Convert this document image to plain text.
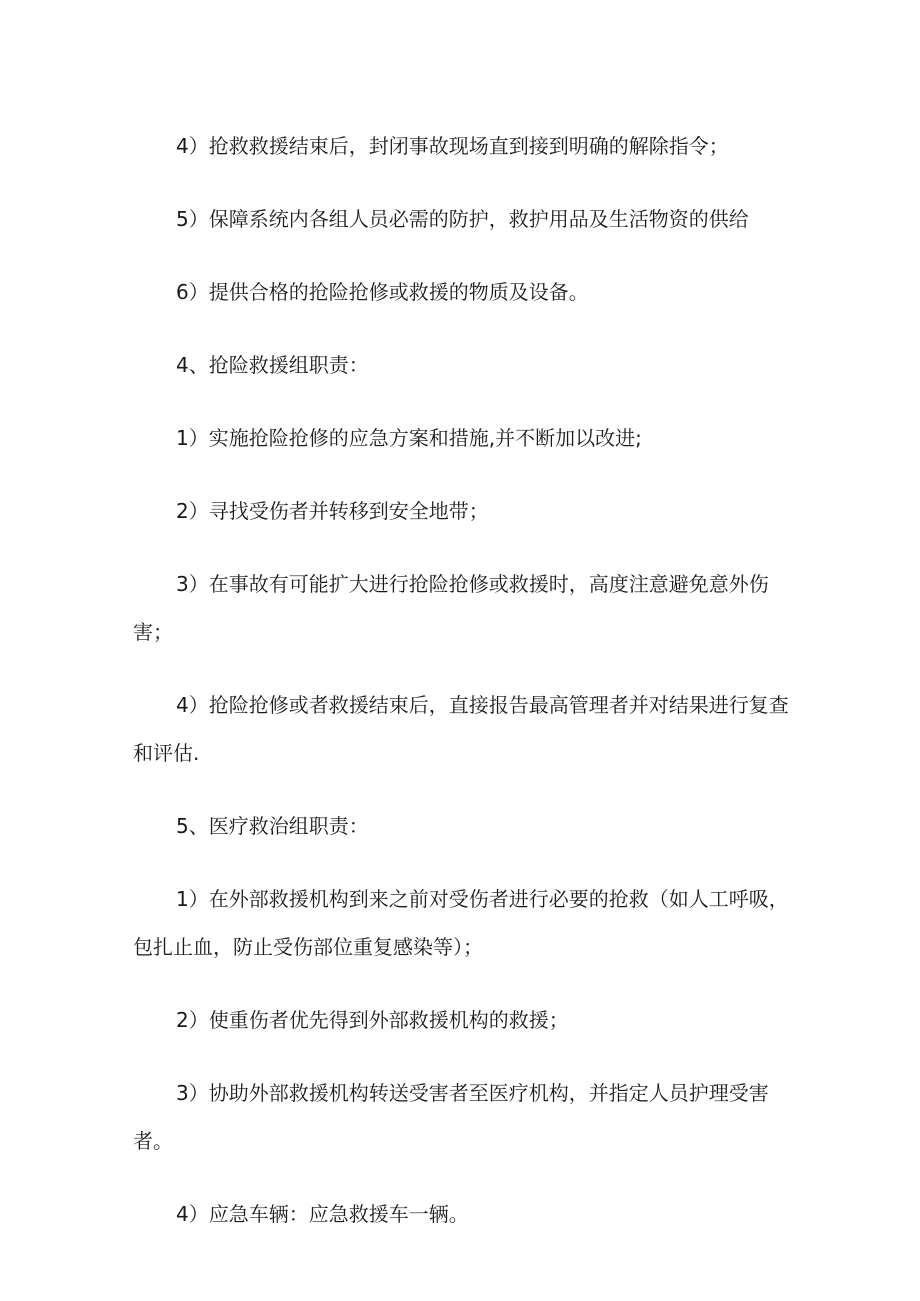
4）抢救救援结束后，封闭事故现场直到接到明确的解除指令；

5）保障系统内各组人员必需的防护，救护用品及生活物资的供给

6）提供合格的抢险抢修或救援的物质及设备。

4、抢险救援组职责：

1）实施抢险抢修的应急方案和措施,并不断加以改进;

2）寻找受伤者并转移到安全地带；

3）在事故有可能扩大进行抢险抢修或救援时，高度注意避免意外伤害；

4）抢险抢修或者救援结束后，直接报告最高管理者并对结果进行复查和评估.

5、医疗救治组职责：

1）在外部救援机构到来之前对受伤者进行必要的抢救（如人工呼吸，包扎止血，防止受伤部位重复感染等）；

2）使重伤者优先得到外部救援机构的救援；

3）协助外部救援机构转送受害者至医疗机构，并指定人员护理受害者。

4）应急车辆：应急救援车一辆。
